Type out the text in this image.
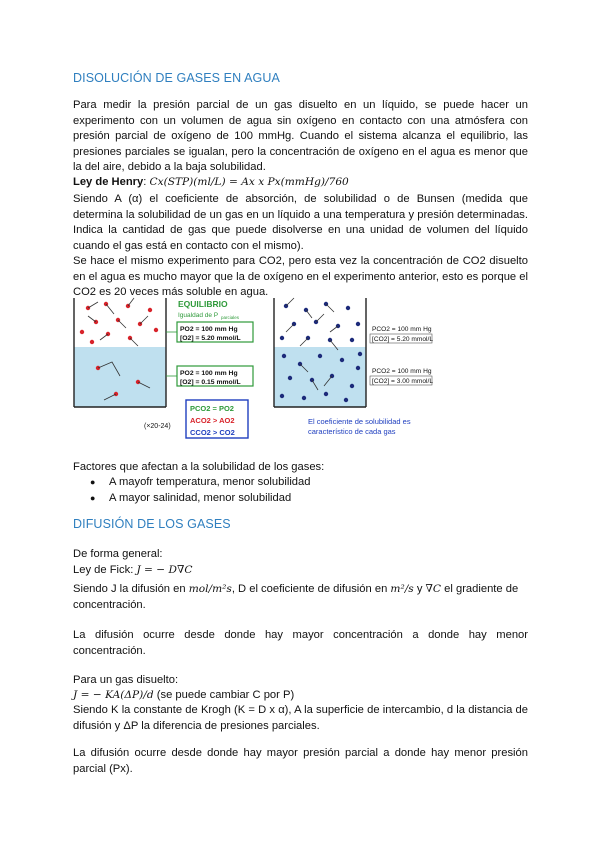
DISOLUCIÓN DE GASES EN AGUA
Para medir la presión parcial de un gas disuelto en un líquido, se puede hacer un experimento con un volumen de agua sin oxígeno en contacto con una atmósfera con presión parcial de oxígeno de 100 mmHg. Cuando el sistema alcanza el equilibrio, las presiones parciales se igualan, pero la concentración de oxígeno en el agua es menor que la del aire, debido a la baja solubilidad.
Ley de Henry: Cx(STP)(ml/L) = Ax x Px(mmHg)/760
Siendo A (α) el coeficiente de absorción, de solubilidad o de Bunsen (medida que determina la solubilidad de un gas en un líquido a una temperatura y presión determinadas. Indica la cantidad de gas que puede disolverse en una unidad de volumen del líquido cuando el gas está en contacto con el mismo).
Se hace el mismo experimento para CO2, pero esta vez la concentración de CO2 disuelto en el agua es mucho mayor que la de oxígeno en el experimento anterior, esto es porque el CO2 es 20 veces más soluble en agua.
EQUILIBRIO
Igualdad de P parciales
PO2 = 100 mm Hg
[O2] = 5.20 mmol/L
PO2 = 100 mm Hg
[O2] = 0.15 mmol/L
(×20-24)
PCO2 = PO2
ACO2 > AO2
CCO2 > CO2
PCO2 = 100 mm Hg
[CO2] = 5.20 mmol/L
PCO2 = 100 mm Hg
[CO2] = 3.00 mmol/L
El coeficiente de solubilidad es
característico de cada gas
Factores que afectan a la solubilidad de los gases:
● A mayofr temperatura, menor solubilidad
● A mayor salinidad, menor solubilidad
DIFUSIÓN DE LOS GASES
De forma general:
Ley de Fick: J = − D∇C
Siendo J la difusión en mol/m²s, D el coeficiente de difusión en m²/s y ∇C el gradiente de concentración.
La difusión ocurre desde donde hay mayor concentración a donde hay menor concentración.
Para un gas disuelto:
J = − KA(ΔP)/d (se puede cambiar C por P)
Siendo K la constante de Krogh (K = D x α), A la superficie de intercambio, d la distancia de difusión y ΔP la diferencia de presiones parciales.
La difusión ocurre desde donde hay mayor presión parcial a donde hay menor presión parcial (Px).
